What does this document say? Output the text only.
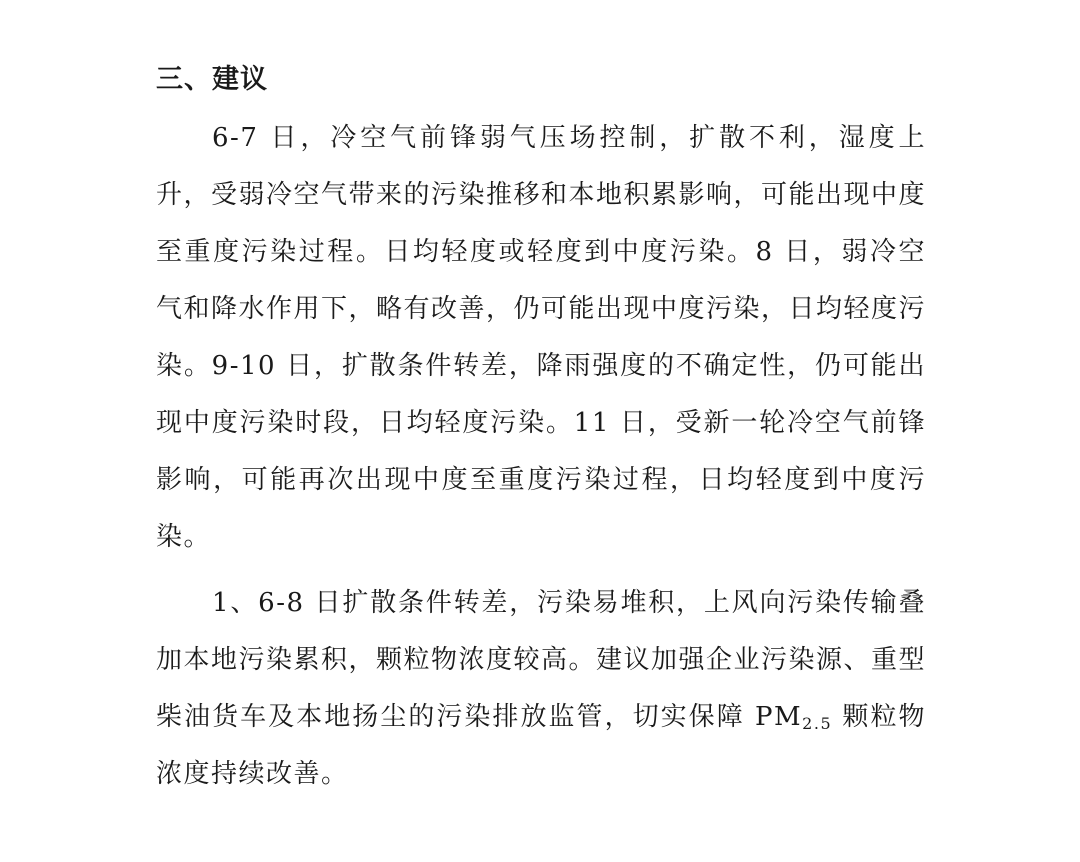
三、建议

6-7 日，冷空气前锋弱气压场控制，扩散不利，湿度上升，受弱冷空气带来的污染推移和本地积累影响，可能出现中度至重度污染过程。日均轻度或轻度到中度污染。8 日，弱冷空气和降水作用下，略有改善，仍可能出现中度污染，日均轻度污染。9-10 日，扩散条件转差，降雨强度的不确定性，仍可能出现中度污染时段，日均轻度污染。11 日，受新一轮冷空气前锋影响，可能再次出现中度至重度污染过程，日均轻度到中度污染。

1、6-8 日扩散条件转差，污染易堆积，上风向污染传输叠加本地污染累积，颗粒物浓度较高。建议加强企业污染源、重型柴油货车及本地扬尘的污染排放监管，切实保障 $PM_{2.5}$ 颗粒物浓度持续改善。
